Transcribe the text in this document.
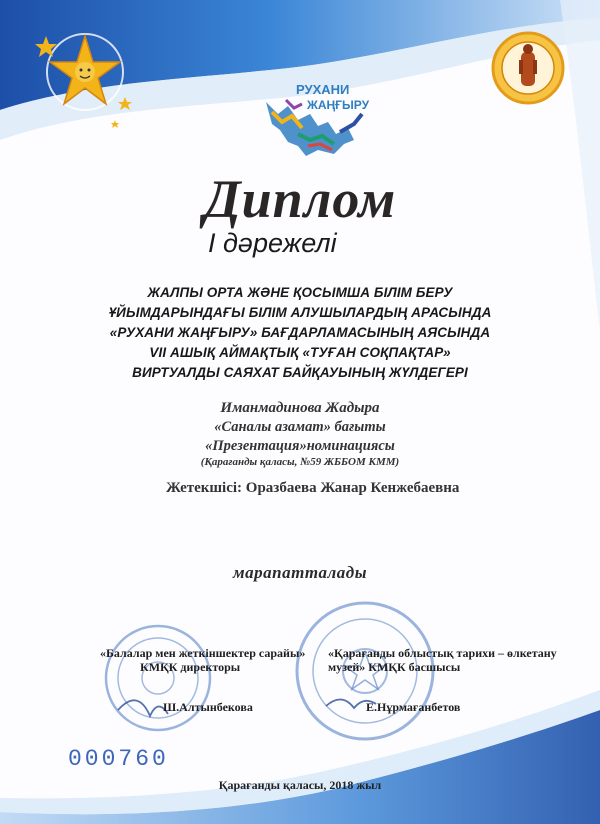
РУХАНИ
ЖАҢҒЫРУ
Диплом
І дәрежелі
ЖАЛПЫ ОРТА ЖӘНЕ ҚОСЫМША БІЛІМ БЕРУ
ҰЙЫМДАРЫНДАҒЫ БІЛІМ АЛУШЫЛАРДЫҢ АРАСЫНДА
«РУХАНИ ЖАҢҒЫРУ» БАҒДАРЛАМАСЫНЫҢ АЯСЫНДА
VII АШЫҚ АЙМАҚТЫҚ «ТУҒАН СОҚПАҚТАР»
ВИРТУАЛДЫ САЯХАТ БАЙҚАУЫНЫҢ ЖҮЛДЕГЕРІ
Иманмадинова Жадыра
«Саналы азамат» бағыты
«Презентация»номинациясы
(Қарағанды қаласы, №59 ЖББОМ КММ)
Жетекшісі: Оразбаева Жанар Кенжебаевна
марапатталады
«Балалар мен жеткіншектер сарайы»
КМҚК директоры
Ш.Алтынбекова
«Қарағанды облыстық тарихи – өлкетану
музей» КМҚК басшысы
Е.Нұрмағанбетов
000760
Қарағанды қаласы, 2018 жыл
